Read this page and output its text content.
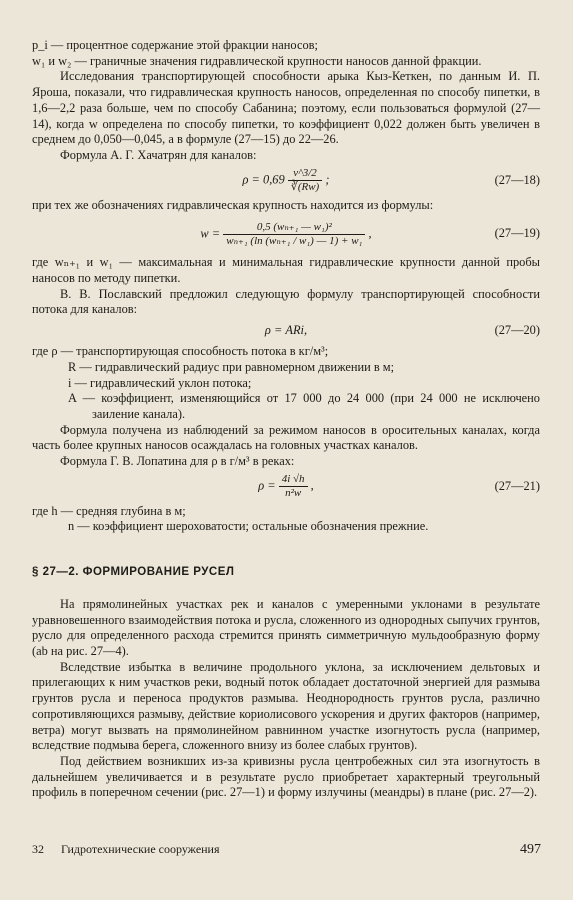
p_i — процентное содержание этой фракции наносов;

w₁ и w₂ — граничные значения гидравлической крупности наносов данной фракции.

Исследования транспортирующей способности арыка Кыз-Кеткен, по данным И. П. Яроша, показали, что гидравлическая крупность наносов, определенная по способу пипетки, в 1,6—2,2 раза больше, чем по способу Сабанина; поэтому, если пользоваться формулой (27—14), когда w определена по способу пипетки, то коэффициент 0,022 должен быть увеличен в среднем до 0,050—0,045, а в формуле (27—15) до 22—26.

Формула А. Г. Хачатрян для каналов:

$\rho = 0,69 \frac{v\^{}3/2}{∛(Rw)}$ ;	(27—18)

при тех же обозначениях гидравлическая крупность находится из формулы:

$w = \frac{\text{0,5 (wₙ₊₁ — w₁)²}}{\text{wₙ₊₁ (ln (wₙ₊₁ / w₁) — 1) + w₁}}$ ,	(27—19)

где wₙ₊₁ и w₁ — максимальная и минимальная гидравлические крупности данной пробы наносов по методу пипетки.

В. В. Пославский предложил следующую формулу транспортирующей способности потока для каналов:

ρ = ARi,	(27—20)

где ρ — транспортирующая способность потока в кг/м³;

R — гидравлический радиус при равномерном движении в м;

i — гидравлический уклон потока;

A — коэффициент, изменяющийся от 17 000 до 24 000 (при 24 000 не исключено заиление канала).

Формула получена из наблюдений за режимом наносов в оросительных каналах, когда часть более крупных наносов осаждалась на головных участках каналов.

Формула Г. В. Лопатина для ρ в г/м³ в реках:

$\rho = \frac{4i √h}{\text{n²w}}$ ,	(27—21)

где h — средняя глубина в м;

n — коэффициент шероховатости; остальные обозначения прежние.

§ 27—2. ФОРМИРОВАНИЕ РУСЕЛ

На прямолинейных участках рек и каналов с умеренными уклонами в результате уравновешенного взаимодействия потока и русла, сложенного из однородных сыпучих грунтов, русло для определенного расхода стремится принять симметричную мульдообразную форму (ab на рис. 27—4).

Вследствие избытка в величине продольного уклона, за исключением дельтовых и прилегающих к ним участков реки, водный поток обладает достаточной энергией для размыва грунтов русла и переноса продуктов размыва. Неоднородность грунтов русла, различно сопротивляющихся размыву, действие кориолисового ускорения и других факторов (например, ветра) могут вызвать на прямолинейном равнинном участке изогнутость русла (например, вследствие подмыва берега, сложенного внизу из более слабых грунтов).

Под действием возникших из-за кривизны русла центробежных сил эта изогнутость в дальнейшем увеличивается и в результате русло приобретает характерный треугольный профиль в поперечном сечении (рис. 27—1) и форму излучины (меандры) в плане (рис. 27—2).

32 Гидротехнические сооружения	497
